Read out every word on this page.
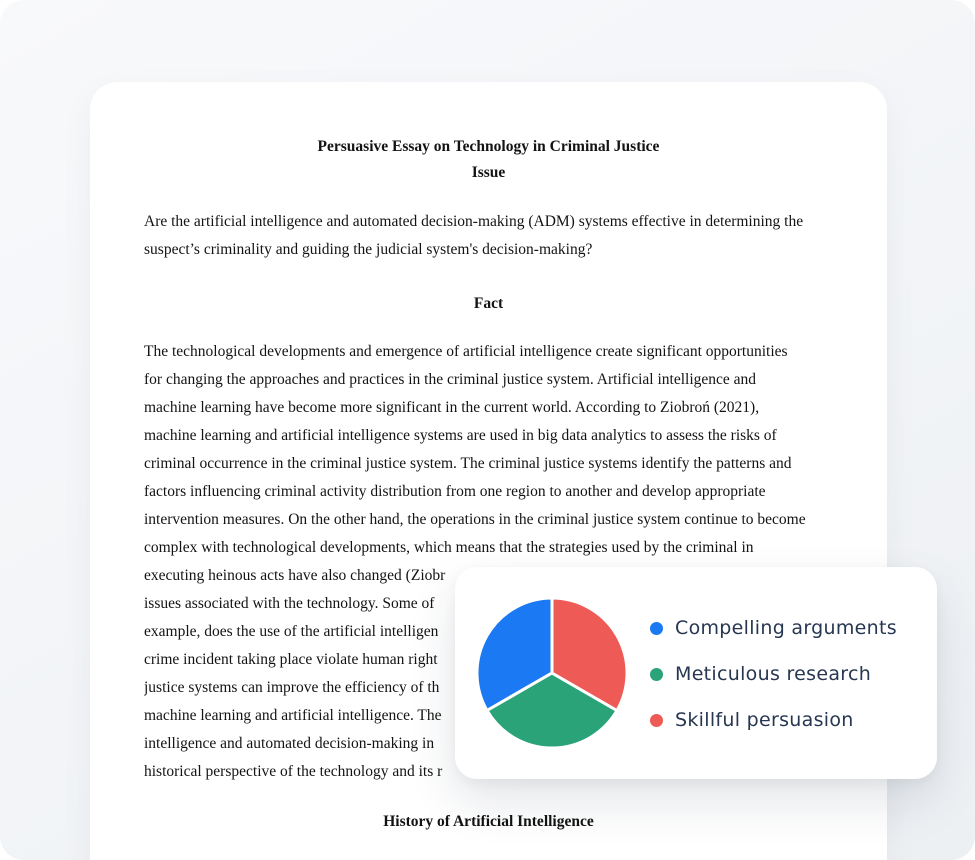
Persuasive Essay on Technology in Criminal Justice
Issue
Are the artificial intelligence and automated decision-making (ADM) systems effective in determining the
suspect’s criminality and guiding the judicial system's decision-making?
Fact
The technological developments and emergence of artificial intelligence create significant opportunities
for changing the approaches and practices in the criminal justice system. Artificial intelligence and
machine learning have become more significant in the current world. According to Ziobroń (2021),
machine learning and artificial intelligence systems are used in big data analytics to assess the risks of
criminal occurrence in the criminal justice system. The criminal justice systems identify the patterns and
factors influencing criminal activity distribution from one region to another and develop appropriate
intervention measures. On the other hand, the operations in the criminal justice system continue to become
complex with technological developments, which means that the strategies used by the criminal in
executing heinous acts have also changed (Ziobr
issues associated with the technology. Some of
example, does the use of the artificial intelligen
crime incident taking place violate human right
justice systems can improve the efficiency of th
machine learning and artificial intelligence. The
intelligence and automated decision-making in
historical perspective of the technology and its r
History of Artificial Intelligence
Compelling arguments
Meticulous research
Skillful persuasion
